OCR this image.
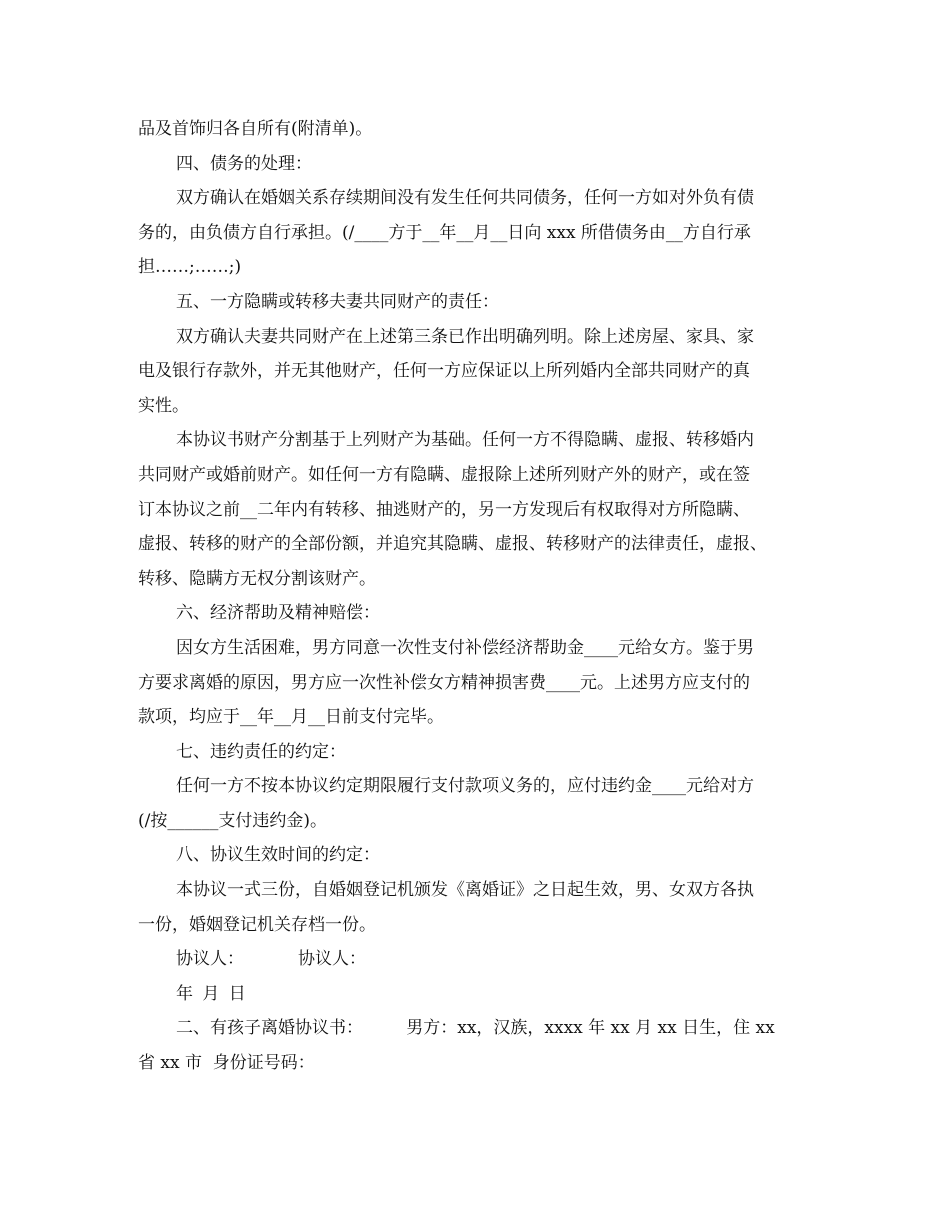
品及首饰归各自所有(附清单)。
四、债务的处理：
双方确认在婚姻关系存续期间没有发生任何共同债务，任何一方如对外负有债
务的，由负债方自行承担。(/____方于__年__月__日向 xxx 所借债务由__方自行承
担……;……;)
五、一方隐瞒或转移夫妻共同财产的责任：
双方确认夫妻共同财产在上述第三条已作出明确列明。除上述房屋、家具、家
电及银行存款外，并无其他财产，任何一方应保证以上所列婚内全部共同财产的真
实性。
本协议书财产分割基于上列财产为基础。任何一方不得隐瞒、虚报、转移婚内
共同财产或婚前财产。如任何一方有隐瞒、虚报除上述所列财产外的财产，或在签
订本协议之前__二年内有转移、抽逃财产的，另一方发现后有权取得对方所隐瞒、
虚报、转移的财产的全部份额，并追究其隐瞒、虚报、转移财产的法律责任，虚报、
转移、隐瞒方无权分割该财产。
六、经济帮助及精神赔偿：
因女方生活困难，男方同意一次性支付补偿经济帮助金____元给女方。鉴于男
方要求离婚的原因，男方应一次性补偿女方精神损害费____元。上述男方应支付的
款项，均应于__年__月__日前支付完毕。
七、违约责任的约定：
任何一方不按本协议约定期限履行支付款项义务的，应付违约金____元给对方
(/按______支付违约金)。
八、协议生效时间的约定：
本协议一式三份，自婚姻登记机颁发《离婚证》之日起生效，男、女双方各执
一份，婚姻登记机关存档一份。
协议人：	协议人：
年 月 日
二、有孩子离婚协议书：        男方：xx，汉族，xxxx 年 xx 月 xx 日生，住 xx
省 xx 市  身份证号码：
